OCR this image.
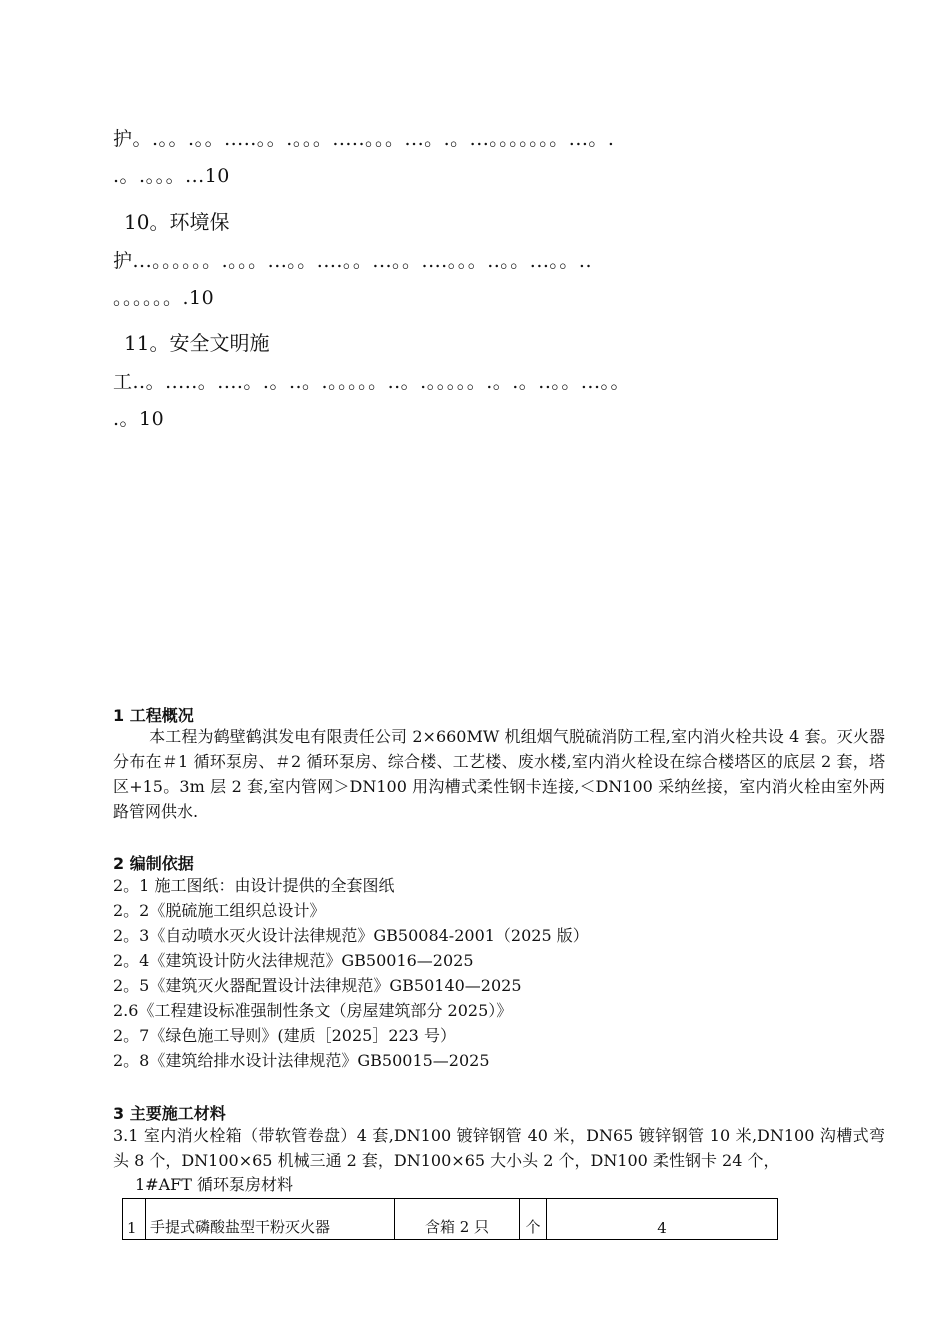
护。.。。.。。.....。。.。。。.....。。。...。.。...。。。。。。。...。.
.。.。。。...10
10。环境保
护...。。。。。。.。。。...。。....。。...。。....。。。..。。...。。..
。。。。。。.10
11。安全文明施
工..。.....。....。.。..。.。。。。。..。.。。。。。.。.。..。。...。。
.。10
1 工程概况
本工程为鹤壁鹤淇发电有限责任公司 2×660MW 机组烟气脱硫消防工程,室内消火栓共设 4 套。灭火器分布在＃1 循环泵房、＃2 循环泵房、综合楼、工艺楼、废水楼,室内消火栓设在综合楼塔区的底层 2 套，塔区+15。3m 层 2 套,室内管网＞DN100 用沟槽式柔性钢卡连接,＜DN100 采纳丝接，室内消火栓由室外两路管网供水.
2 编制依据
2。1 施工图纸：由设计提供的全套图纸
2。2《脱硫施工组织总设计》
2。3《自动喷水灭火设计法律规范》GB50084-2001（2025 版）
2。4《建筑设计防火法律规范》GB50016—2025
2。5《建筑灭火器配置设计法律规范》GB50140—2025
2.6《工程建设标准强制性条文（房屋建筑部分 2025）》
2。7《绿色施工导则》(建质［2025］223 号）
2。8《建筑给排水设计法律规范》GB50015—2025
3 主要施工材料
3.1 室内消火栓箱（带软管卷盘）4 套,DN100 镀锌钢管 40 米，DN65 镀锌钢管 10 米,DN100 沟槽式弯头 8 个，DN100×65 机械三通 2 套，DN100×65 大小头 2 个，DN100 柔性钢卡 24 个，
1#AFT 循环泵房材料
1	手提式磷酸盐型干粉灭火器	含箱 2 只	个	4
